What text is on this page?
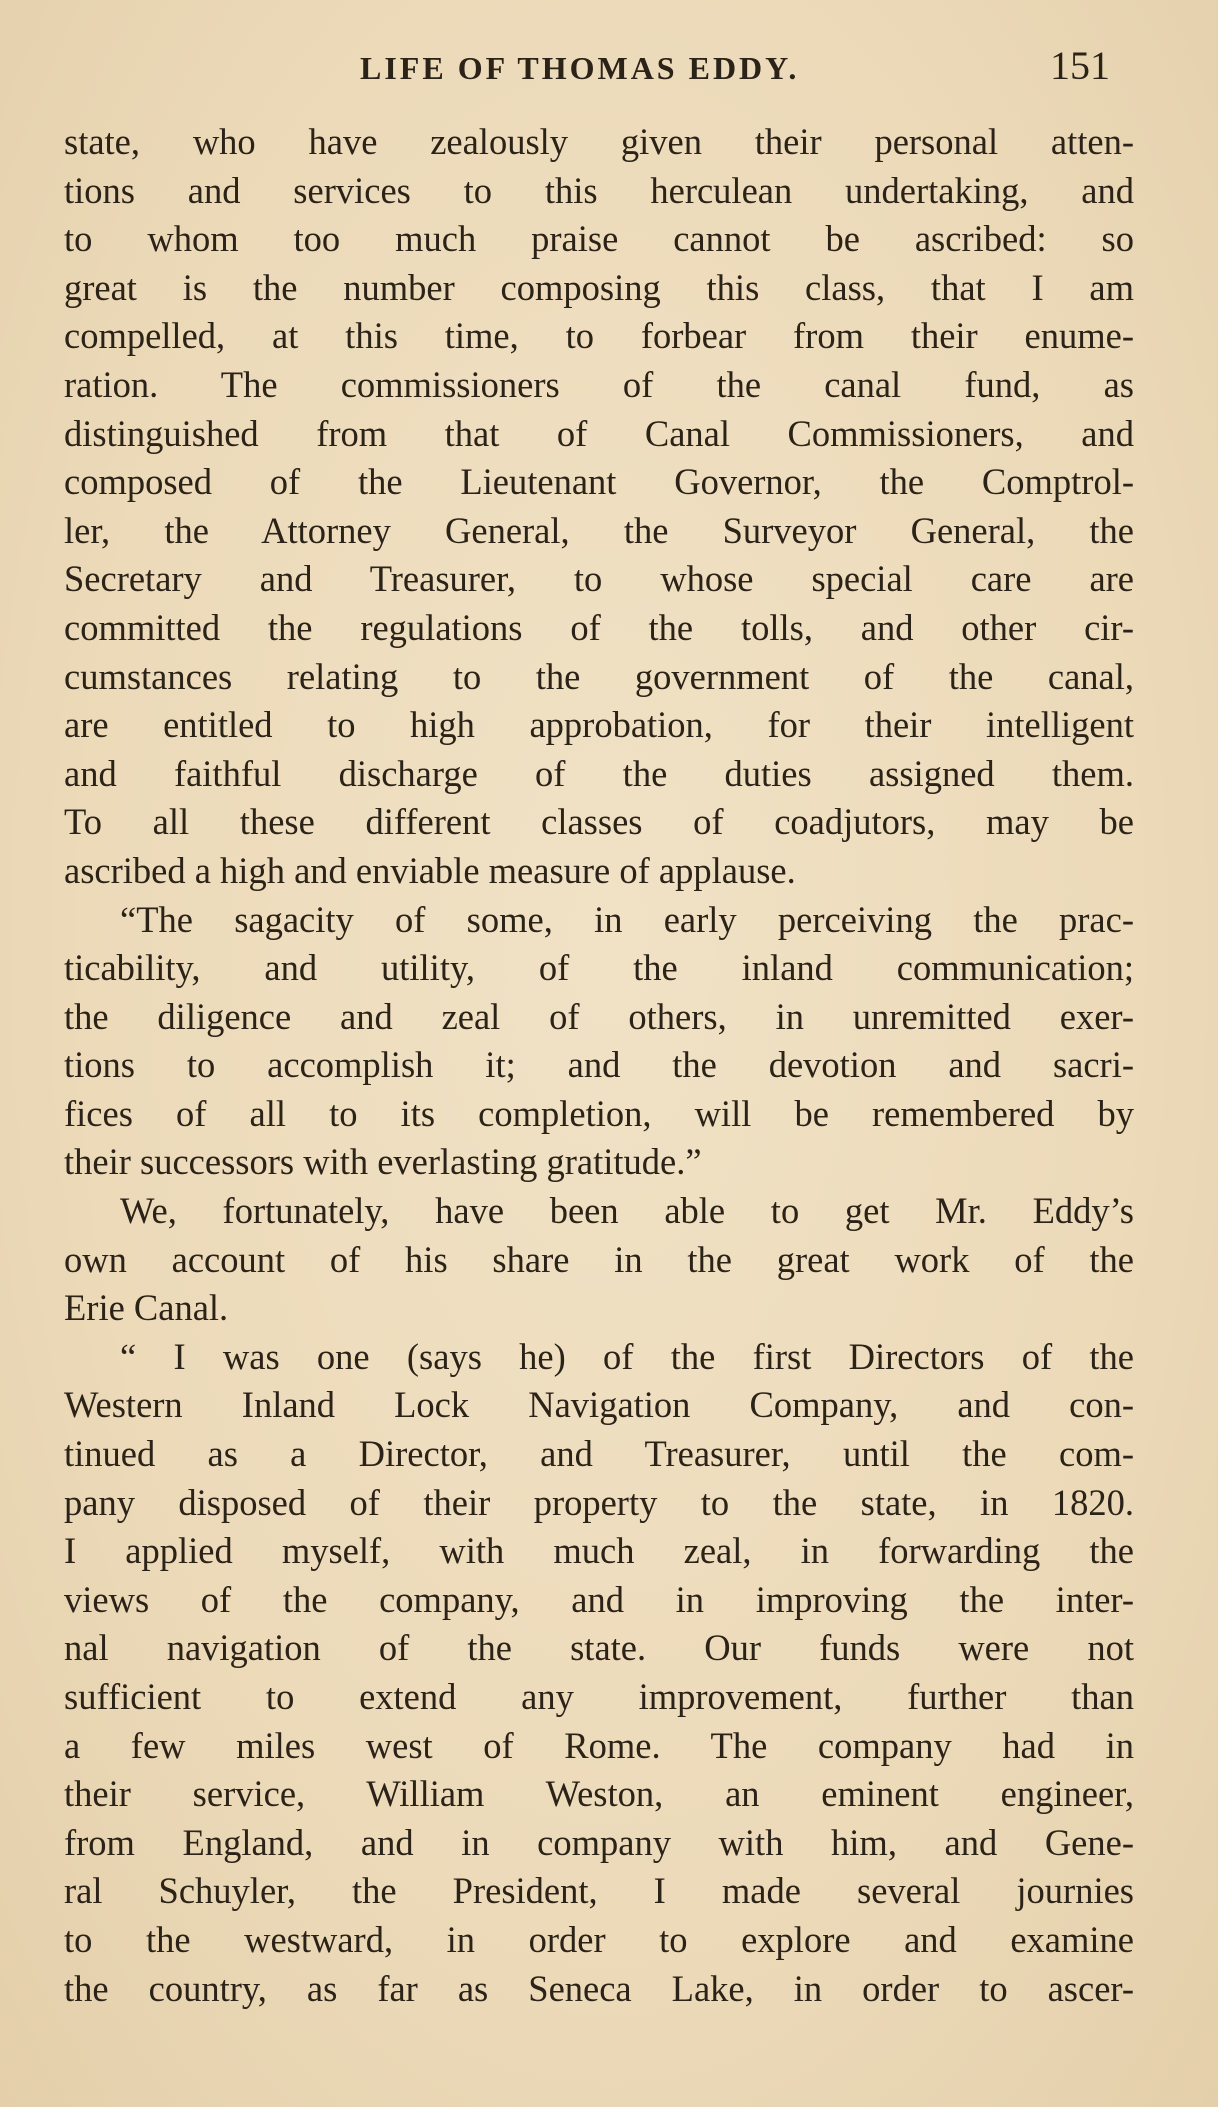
LIFE OF THOMAS EDDY.	151
state, who have zealously given their personal atten-
tions and services to this herculean undertaking, and
to whom too much praise cannot be ascribed: so
great is the number composing this class, that I am
compelled, at this time, to forbear from their enume-
ration. The commissioners of the canal fund, as
distinguished from that of Canal Commissioners, and
composed of the Lieutenant Governor, the Comptrol-
ler, the Attorney General, the Surveyor General, the
Secretary and Treasurer, to whose special care are
committed the regulations of the tolls, and other cir-
cumstances relating to the government of the canal,
are entitled to high approbation, for their intelligent
and faithful discharge of the duties assigned them.
To all these different classes of coadjutors, may be
ascribed a high and enviable measure of applause.
“The sagacity of some, in early perceiving the prac-
ticability, and utility, of the inland communication;
the diligence and zeal of others, in unremitted exer-
tions to accomplish it; and the devotion and sacri-
fices of all to its completion, will be remembered by
their successors with everlasting gratitude.”
We, fortunately, have been able to get Mr. Eddy’s
own account of his share in the great work of the
Erie Canal.
“ I was one (says he) of the first Directors of the
Western Inland Lock Navigation Company, and con-
tinued as a Director, and Treasurer, until the com-
pany disposed of their property to the state, in 1820.
I applied myself, with much zeal, in forwarding the
views of the company, and in improving the inter-
nal navigation of the state. Our funds were not
sufficient to extend any improvement, further than
a few miles west of Rome. The company had in
their service, William Weston, an eminent engineer,
from England, and in company with him, and Gene-
ral Schuyler, the President, I made several journies
to the westward, in order to explore and examine
the country, as far as Seneca Lake, in order to ascer-
